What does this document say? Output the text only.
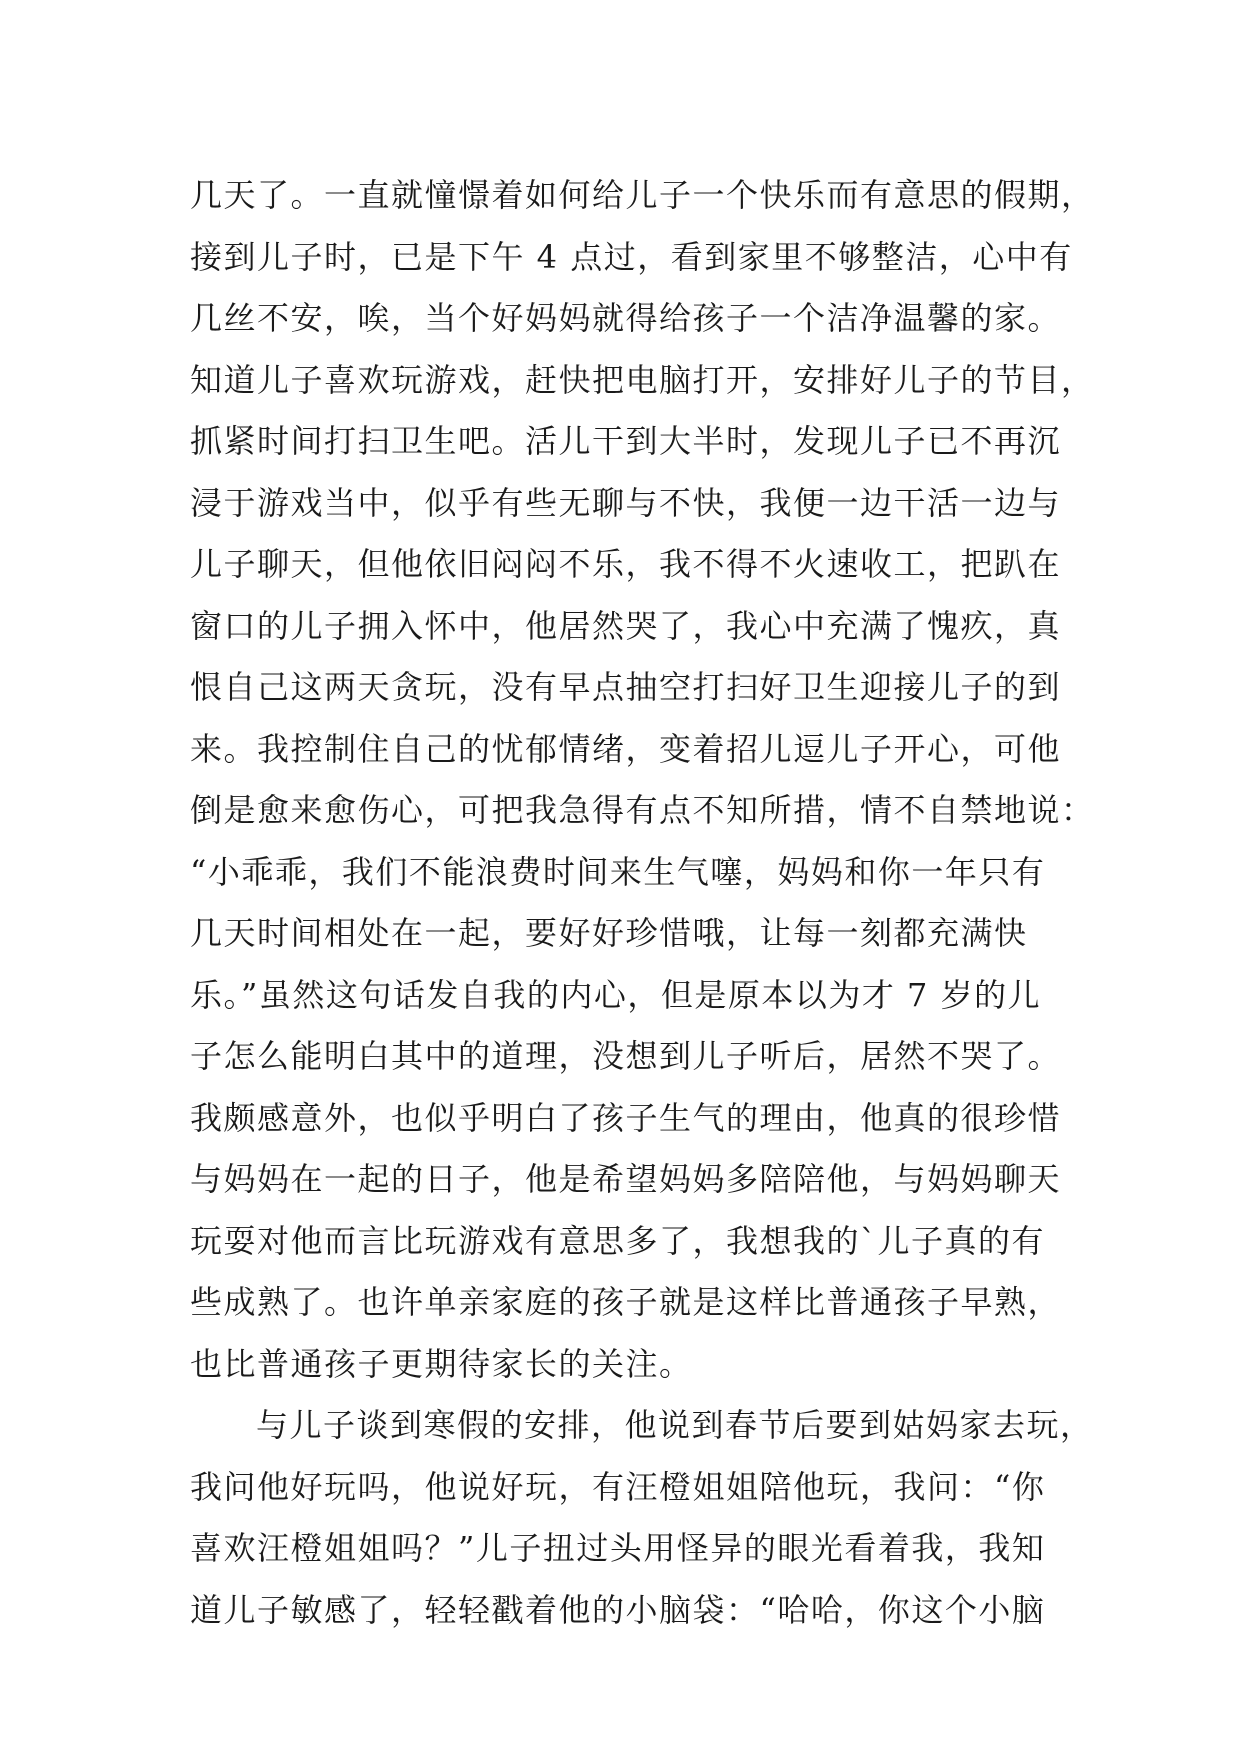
几天了。一直就憧憬着如何给儿子一个快乐而有意思的假期，
接到儿子时，已是下午 4 点过，看到家里不够整洁，心中有
几丝不安，唉，当个好妈妈就得给孩子一个洁净温馨的家。
知道儿子喜欢玩游戏，赶快把电脑打开，安排好儿子的节目，
抓紧时间打扫卫生吧。活儿干到大半时，发现儿子已不再沉
浸于游戏当中，似乎有些无聊与不快，我便一边干活一边与
儿子聊天，但他依旧闷闷不乐，我不得不火速收工，把趴在
窗口的儿子拥入怀中，他居然哭了，我心中充满了愧疚，真
恨自己这两天贪玩，没有早点抽空打扫好卫生迎接儿子的到
来。我控制住自己的忧郁情绪，变着招儿逗儿子开心，可他
倒是愈来愈伤心，可把我急得有点不知所措，情不自禁地说：
“小乖乖，我们不能浪费时间来生气噻，妈妈和你一年只有
几天时间相处在一起，要好好珍惜哦，让每一刻都充满快
乐。”虽然这句话发自我的内心，但是原本以为才 7 岁的儿
子怎么能明白其中的道理，没想到儿子听后，居然不哭了。
我颇感意外，也似乎明白了孩子生气的理由，他真的很珍惜
与妈妈在一起的日子，他是希望妈妈多陪陪他，与妈妈聊天
玩耍对他而言比玩游戏有意思多了，我想我的`儿子真的有
些成熟了。也许单亲家庭的孩子就是这样比普通孩子早熟，
也比普通孩子更期待家长的关注。
与儿子谈到寒假的安排，他说到春节后要到姑妈家去玩，
我问他好玩吗，他说好玩，有汪橙姐姐陪他玩，我问：“你
喜欢汪橙姐姐吗？”儿子扭过头用怪异的眼光看着我，我知
道儿子敏感了，轻轻戳着他的小脑袋：“哈哈，你这个小脑
